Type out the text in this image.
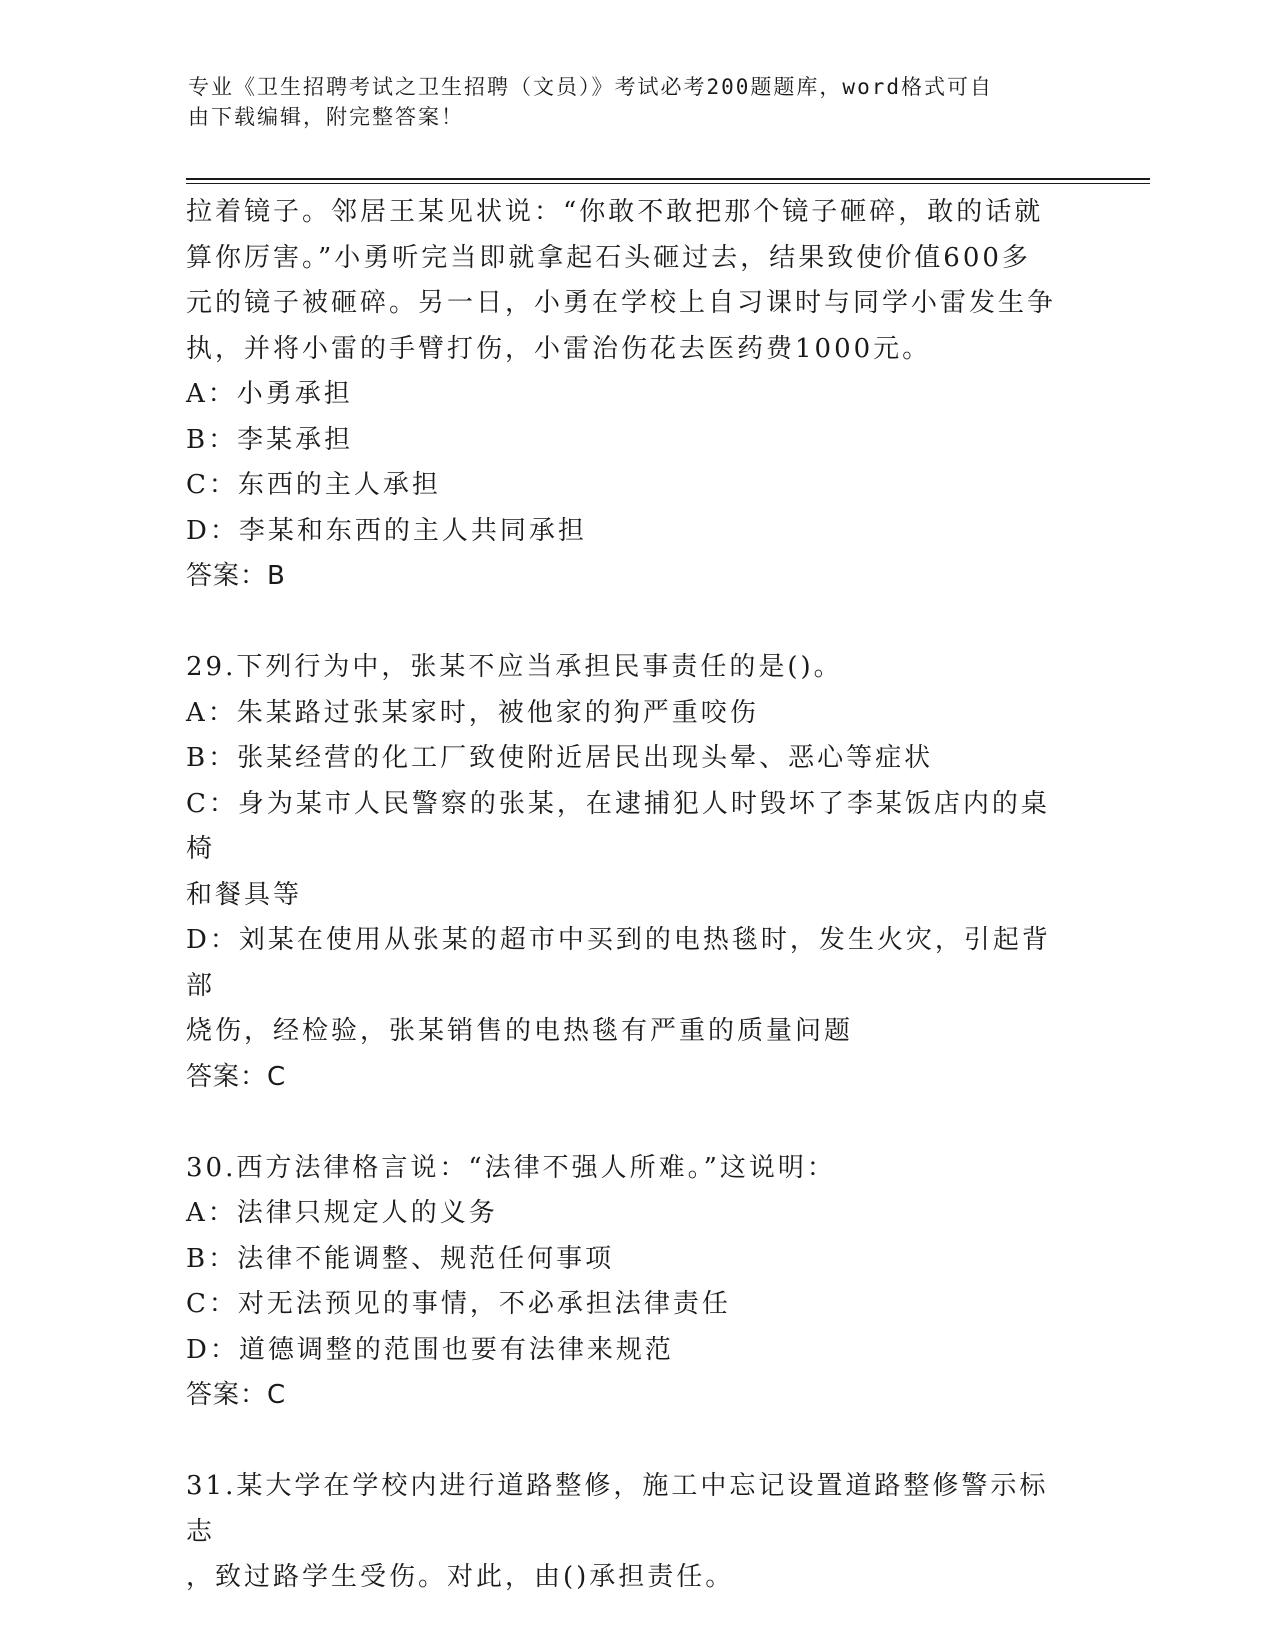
专业《卫生招聘考试之卫生招聘（文员）》考试必考200题题库，word格式可自
由下载编辑，附完整答案！

拉着镜子。邻居王某见状说：“你敢不敢把那个镜子砸碎，敢的话就

算你厉害。”小勇听完当即就拿起石头砸过去，结果致使价值600多

元的镜子被砸碎。另一日，小勇在学校上自习课时与同学小雷发生争

执，并将小雷的手臂打伤，小雷治伤花去医药费1000元。

A：小勇承担

B：李某承担

C：东西的主人承担

D：李某和东西的主人共同承担

答案：B

29.下列行为中，张某不应当承担民事责任的是()。

A：朱某路过张某家时，被他家的狗严重咬伤

B：张某经营的化工厂致使附近居民出现头晕、恶心等症状

C：身为某市人民警察的张某，在逮捕犯人时毁坏了李某饭店内的桌椅

和餐具等

D：刘某在使用从张某的超市中买到的电热毯时，发生火灾，引起背部

烧伤，经检验，张某销售的电热毯有严重的质量问题

答案：C

30.西方法律格言说：“法律不强人所难。”这说明：

A：法律只规定人的义务

B：法律不能调整、规范任何事项

C：对无法预见的事情，不必承担法律责任

D：道德调整的范围也要有法律来规范

答案：C

31.某大学在学校内进行道路整修，施工中忘记设置道路整修警示标志

，致过路学生受伤。对此，由()承担责任。
